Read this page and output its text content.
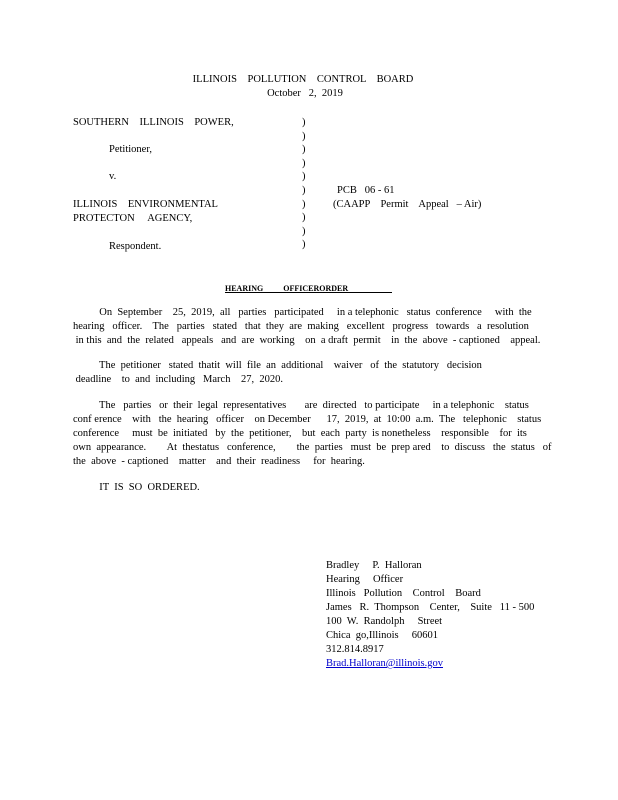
ILLINOIS    POLLUTION    CONTROL    BOARD
October   2,  2019
SOUTHERN    ILLINOIS    POWER,
Petitioner,
v.
ILLINOIS    ENVIRONMENTAL
PROTECTON     AGENCY,
Respondent.
)
)
)
)
)
)
)
)
)
)
PCB   06 - 61
(CAAPP    Permit    Appeal   – Air)
HEARING          OFFICERORDER
On  September    25,  2019,  all   parties   participated     in a telephonic   status  conference     with  the
hearing   officer.    The   parties   stated   that  they  are  making   excellent   progress   towards   a  resolution
in this  and  the  related   appeals   and  are  working    on  a draft  permit    in  the  above  - captioned    appeal.
The  petitioner   stated  thatit  will  file  an  additional    waiver   of  the  statutory   decision
deadline    to  and  including   March    27,  2020.
The   parties   or  their  legal  representatives       are  directed   to participate     in a telephonic    status
conf erence    with   the  hearing   officer    on December      17,  2019,  at  10:00  a.m.  The   telephonic    status
conference     must  be  initiated   by  the  petitioner,    but  each  party  is nonetheless    responsible    for  its
own  appearance.        At  thestatus   conference,        the  parties   must  be  prep ared    to  discuss   the  status   of
the  above  - captioned    matter    and  their  readiness     for  hearing.
IT  IS  SO  ORDERED.
Bradley     P.  Halloran
Hearing     Officer
Illinois   Pollution    Control    Board
James   R.  Thompson    Center,    Suite   11 - 500
100  W.  Randolph     Street
Chica  go,Illinois     60601
312.814.8917
Brad.Halloran@illinois.gov
